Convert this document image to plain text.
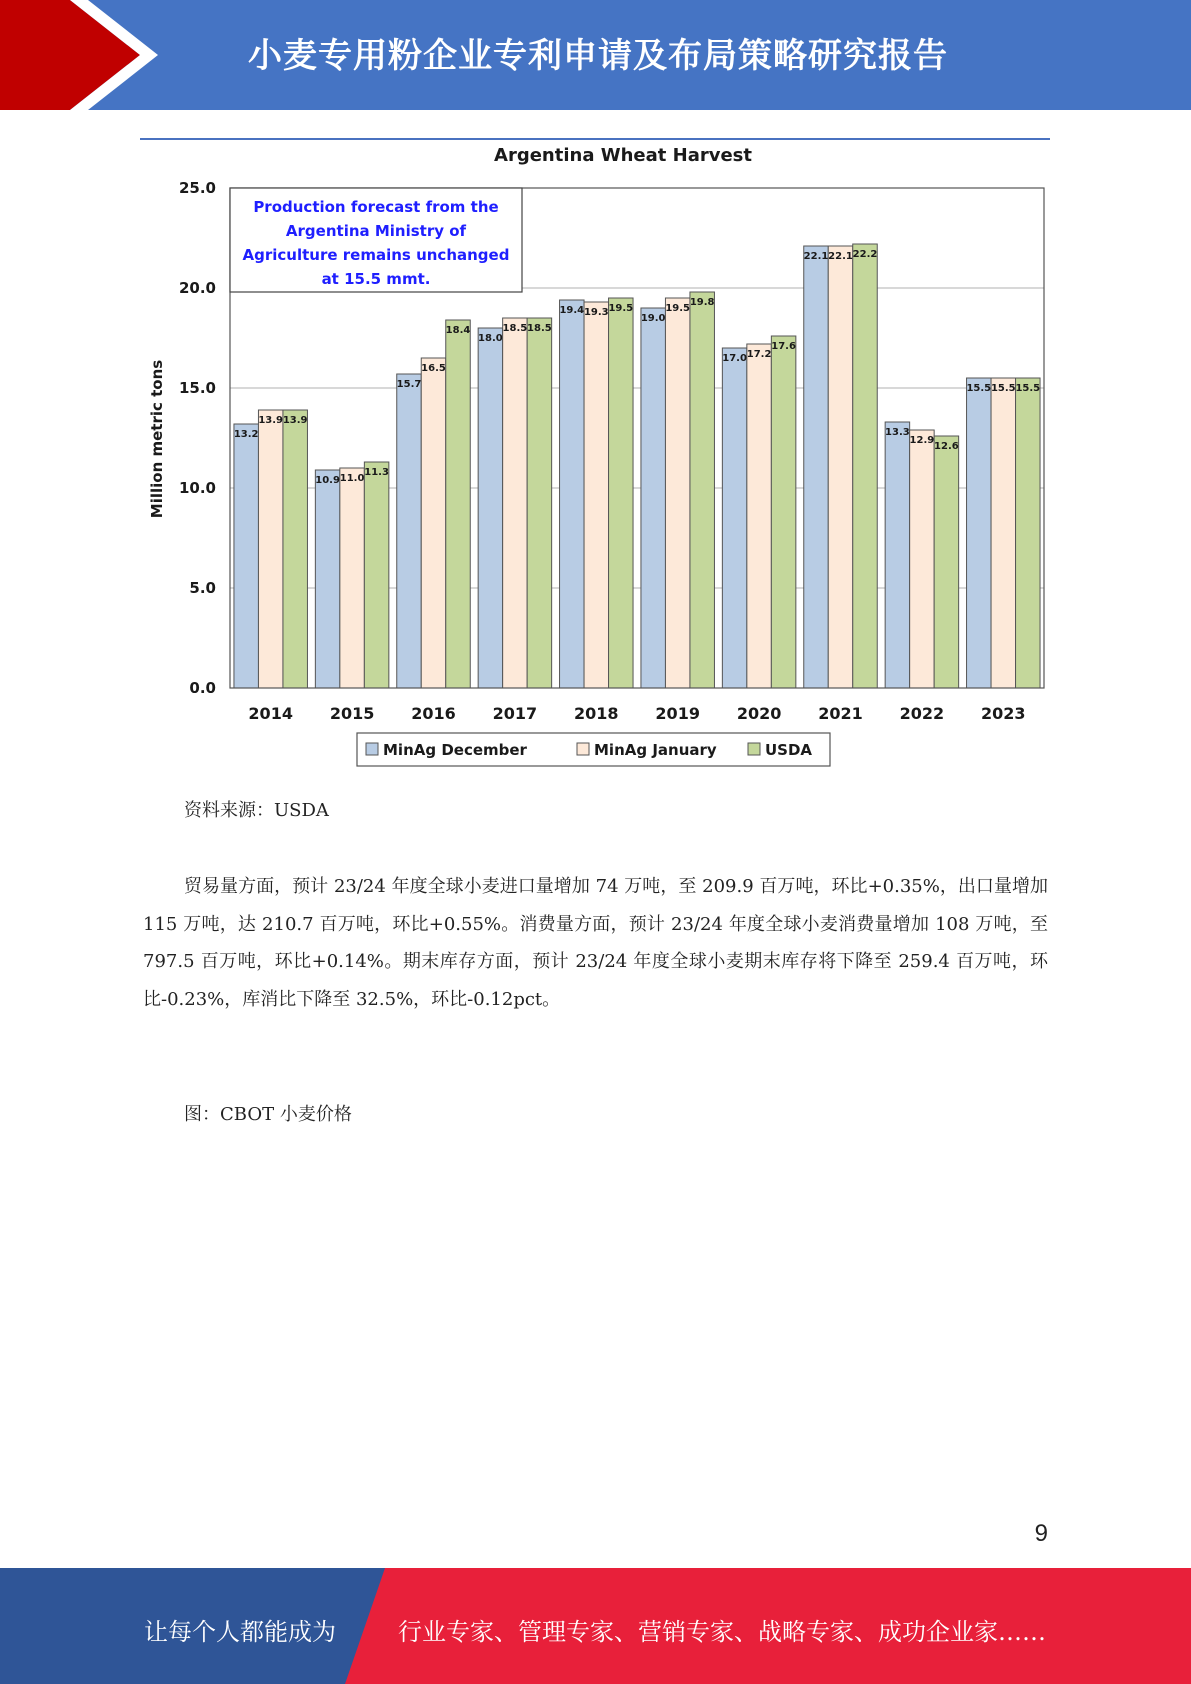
小麦专用粉企业专利申请及布局策略研究报告
Argentina Wheat Harvest
Million metric tons	13.2
13.9 13.9
10.9 11.0
11.3
15.7
16.5
18.4
18.0
18.5 18.5
19.4 19.3 19.5
19.0
19.5
19.8
17.0 17.2
17.6
22.1 22.1 22.2
13.3
12.9
12.6
15.5 15.5 15.5
0.0
5.0
10.0
15.0
20.0
25.0
2014 2015 2016 2017 2018 2019 2020 2021 2022 2023
Production forecast from the
Argentina Ministry of
Agriculture remains unchanged
at 15.5 mmt.
MinAg December	MinAg January	USDA
资料来源：USDA
贸易量方面，预计 23/24 年度全球小麦进口量增加 74 万吨，至 209.9 百万吨，环比+0.35%，出口量增加 115 万吨，达 210.7 百万吨，环比+0.55%。消费量方面，预计 23/24 年度全球小麦消费量增加 108 万吨，至 797.5 百万吨，环比+0.14%。期末库存方面，预计 23/24 年度全球小麦期末库存将下降至 259.4 百万吨，环比-0.23%，库消比下降至 32.5%，环比-0.12pct。
图：CBOT 小麦价格
9
让每个人都能成为	行业专家、管理专家、营销专家、战略专家、成功企业家……
